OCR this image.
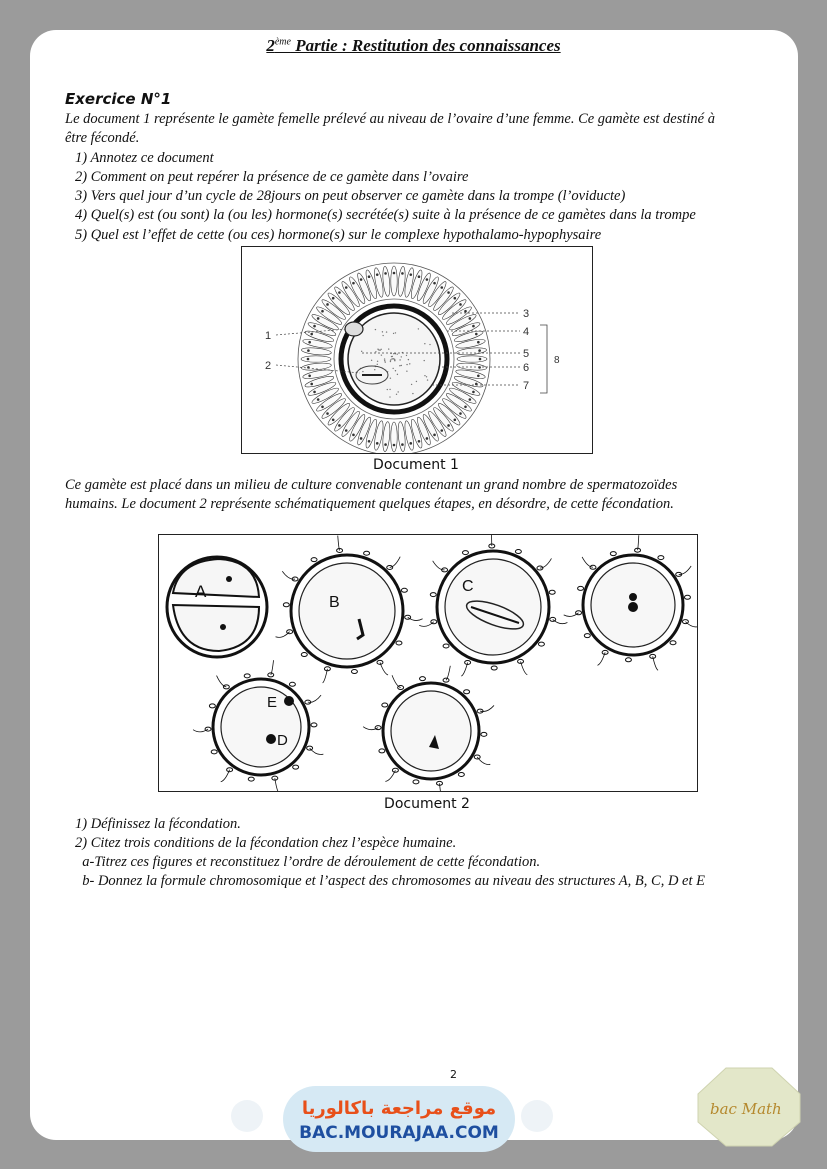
2ème Partie : Restitution des connaissances
Exercice N°1
Le document 1 représente le gamète femelle prélevé au niveau de l’ovaire d’une femme. Ce gamète est destiné à
être fécondé.
1) Annotez ce document
2) Comment on peut repérer la présence de ce gamète dans l’ovaire
3) Vers quel jour d’un cycle de 28jours on peut observer ce gamète dans la trompe (l’oviducte)
4) Quel(s) est (ou sont) la (ou les) hormone(s) secrétée(s) suite à la présence de ce gamètes dans la trompe
5) Quel est l’effet de cette (ou ces) hormone(s) sur le complexe hypothalamo-hypophysaire
1
2
3
4
5
6
7
8
Document 1
Ce gamète est placé dans un milieu de culture convenable contenant un grand nombre de spermatozoïdes
humains. Le document 2 représente schématiquement quelques étapes, en désordre, de cette fécondation.
A
B
C
E
D
Document 2
1) Définissez la fécondation.
2) Citez trois conditions de la fécondation chez l’espèce humaine.
a-Titrez ces figures et reconstituez l’ordre de déroulement de cette fécondation.
b- Donnez la formule chromosomique et l’aspect des chromosomes au niveau des structures A, B, C, D et E
2
موقع مراجعة باكالوريا
BAC.MOURAJAA.COM
bac Math
